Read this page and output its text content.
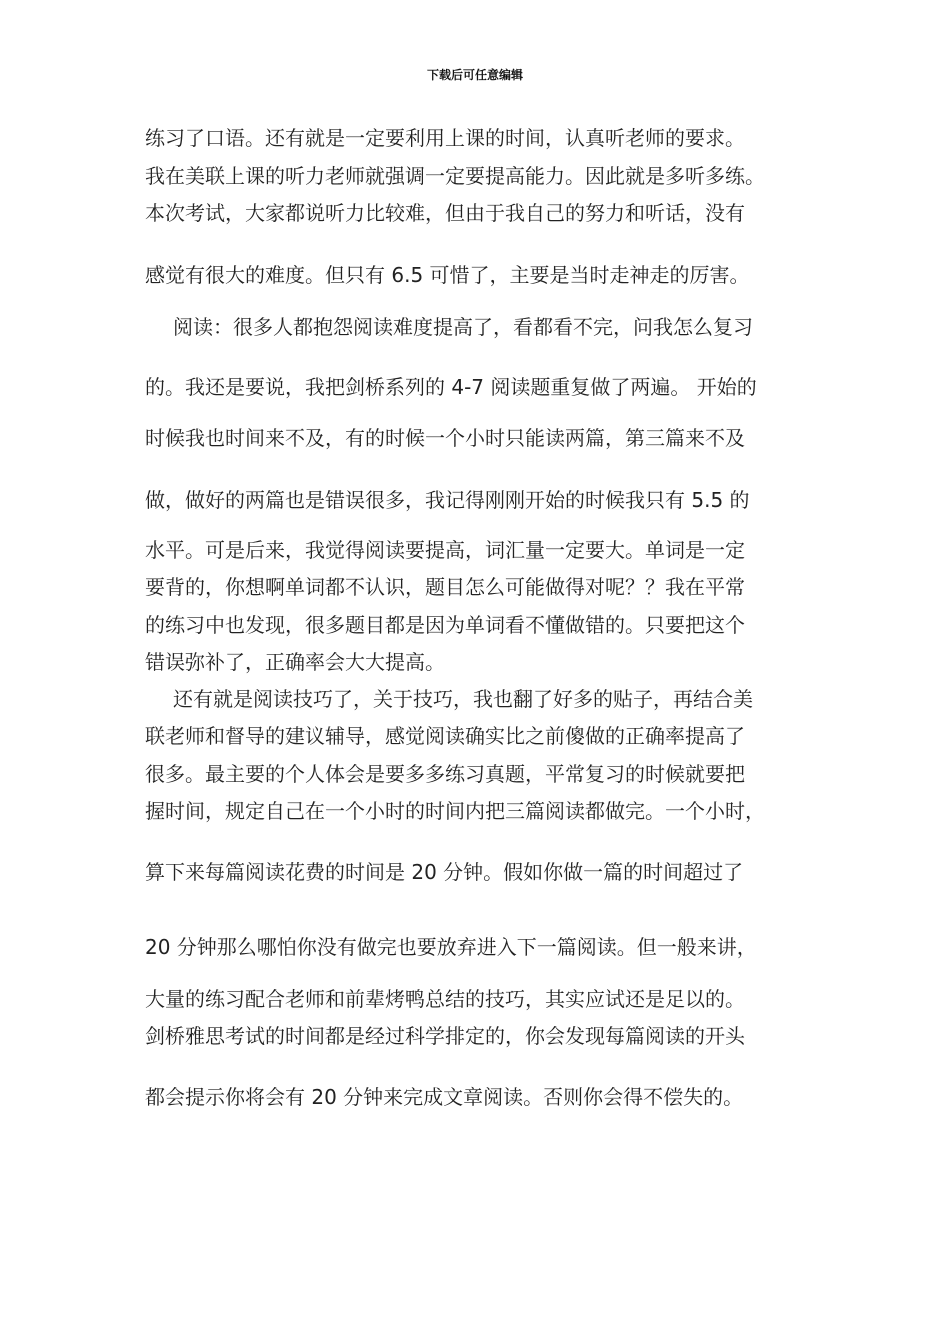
下载后可任意编辑
练习了口语。还有就是一定要利用上课的时间，认真听老师的要求。
我在美联上课的听力老师就强调一定要提高能力。因此就是多听多练。
本次考试，大家都说听力比较难，但由于我自己的努力和听话，没有
感觉有很大的难度。但只有 6.5 可惜了，主要是当时走神走的厉害。
阅读：很多人都抱怨阅读难度提高了，看都看不完，问我怎么复习
的。我还是要说，我把剑桥系列的 4-7 阅读题重复做了两遍。 开始的
时候我也时间来不及，有的时候一个小时只能读两篇，第三篇来不及
做，做好的两篇也是错误很多，我记得刚刚开始的时候我只有 5.5 的
水平。可是后来，我觉得阅读要提高，词汇量一定要大。单词是一定
要背的，你想啊单词都不认识，题目怎么可能做得对呢？？我在平常
的练习中也发现，很多题目都是因为单词看不懂做错的。只要把这个
错误弥补了，正确率会大大提高。
还有就是阅读技巧了，关于技巧，我也翻了好多的贴子，再结合美
联老师和督导的建议辅导，感觉阅读确实比之前傻做的正确率提高了
很多。最主要的个人体会是要多多练习真题，平常复习的时候就要把
握时间，规定自己在一个小时的时间内把三篇阅读都做完。一个小时，
算下来每篇阅读花费的时间是 20 分钟。假如你做一篇的时间超过了
20 分钟那么哪怕你没有做完也要放弃进入下一篇阅读。但一般来讲，
大量的练习配合老师和前辈烤鸭总结的技巧，其实应试还是足以的。
剑桥雅思考试的时间都是经过科学排定的，你会发现每篇阅读的开头
都会提示你将会有 20 分钟来完成文章阅读。否则你会得不偿失的。
